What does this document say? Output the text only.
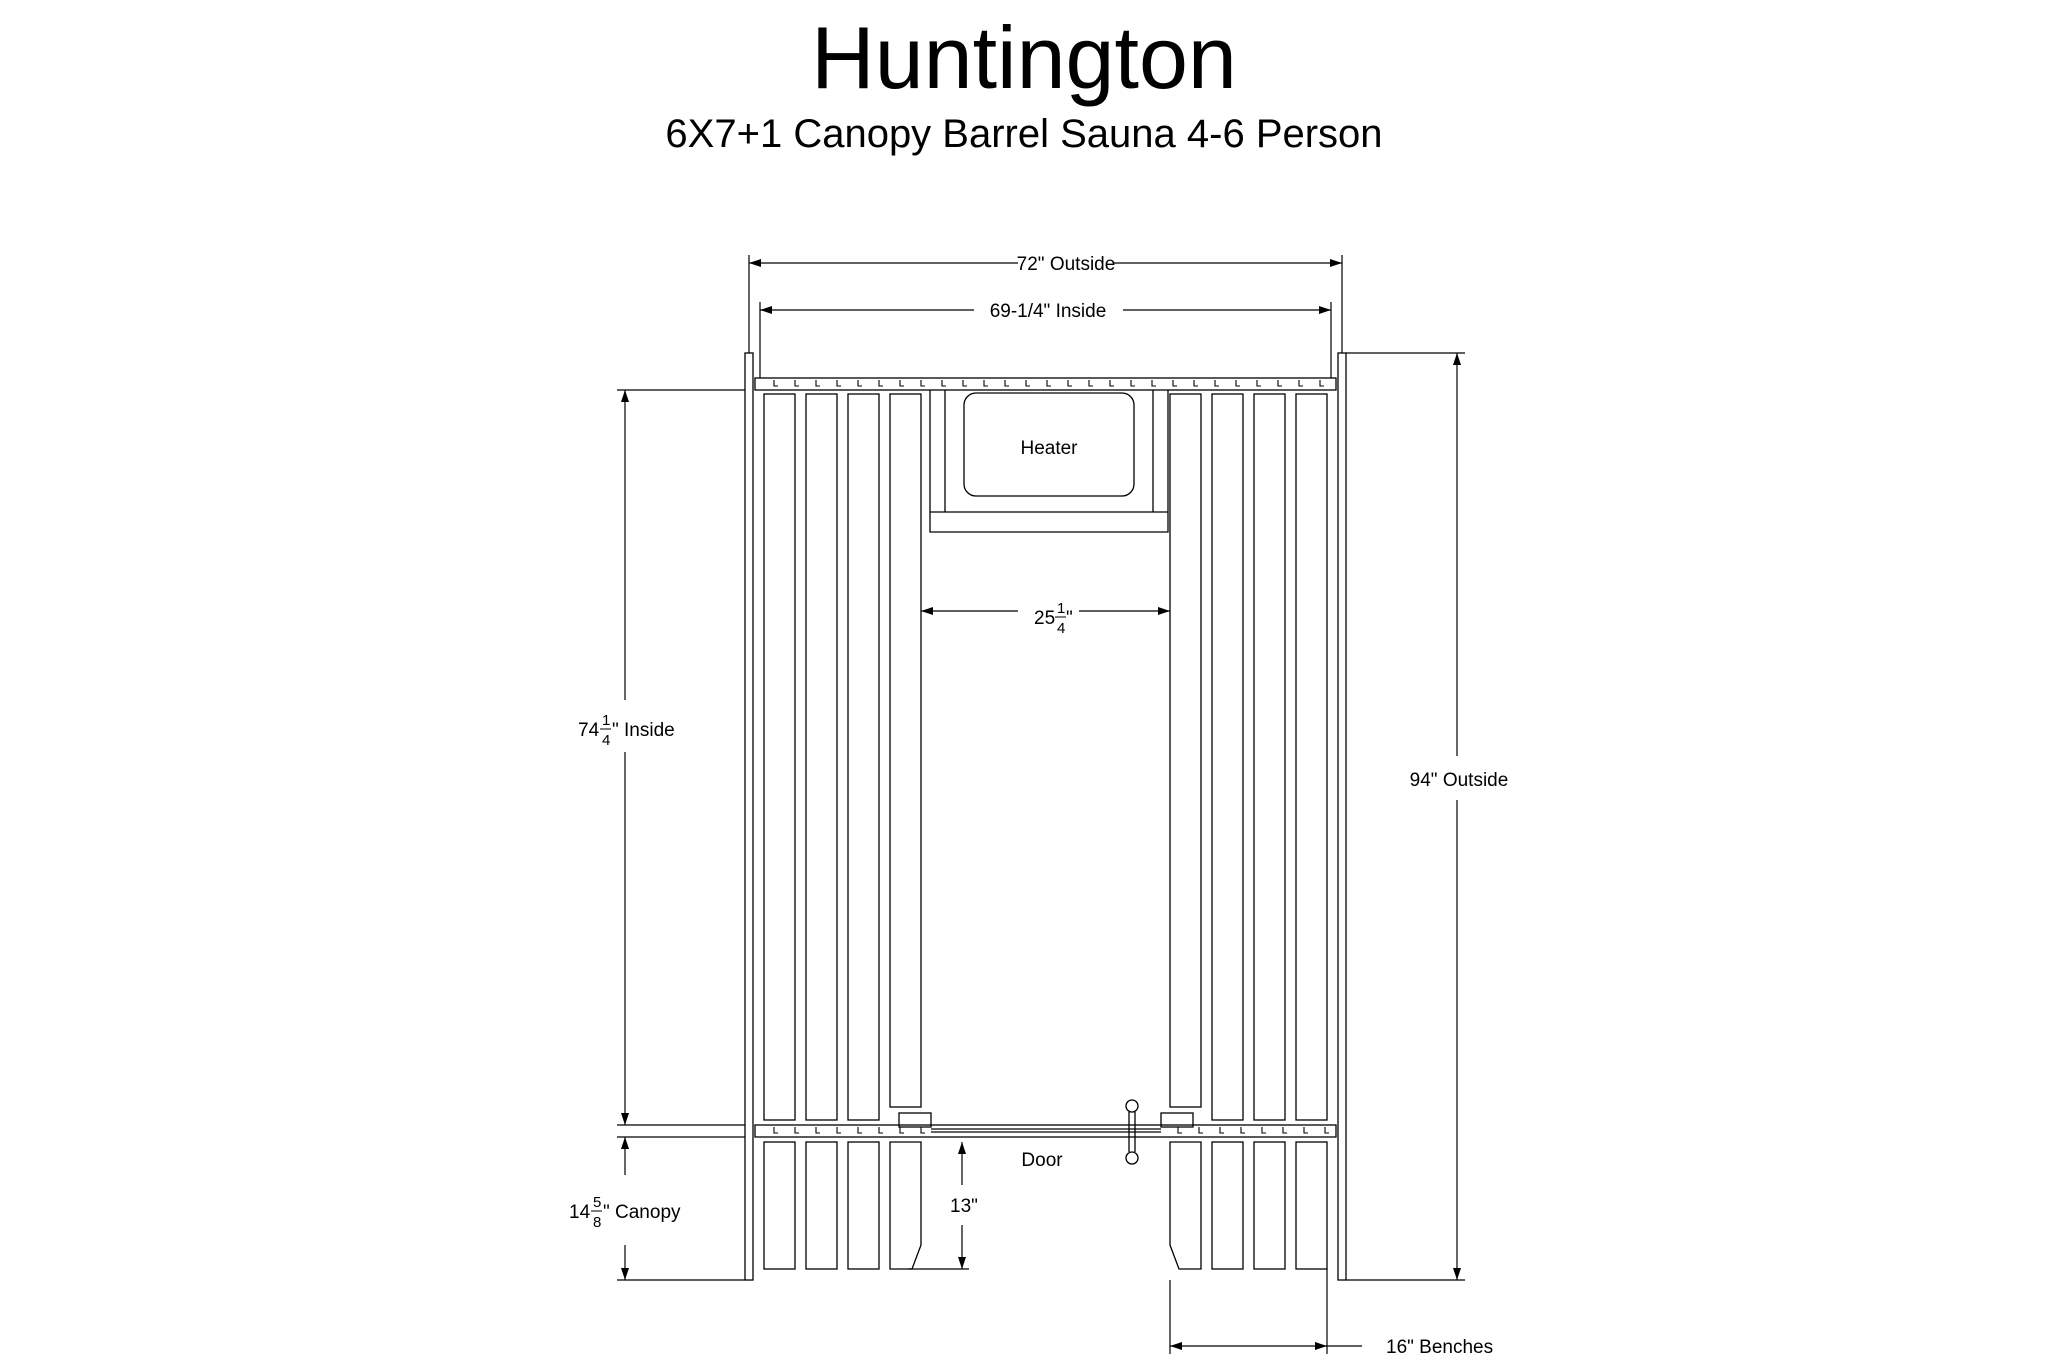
Huntington
6X7+1 Canopy Barrel Sauna 4-6 Person
72" Outside
69-1/4" Inside
Heater
Door
94" Outside
13"
16" Benches
25 1
4 "
74 1
4 " Inside
14 5
8 " Canopy
